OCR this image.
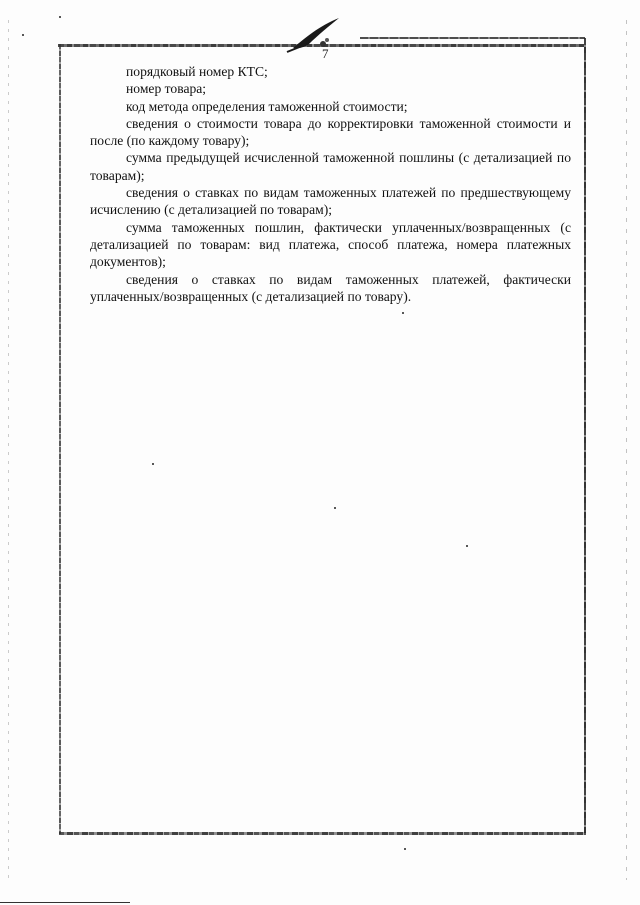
7

порядковый номер КТС;

номер товара;

код метода определения таможенной стоимости;

сведения о стоимости товара до корректировки таможенной стоимости и после (по каждому товару);

сумма предыдущей исчисленной таможенной пошлины (с детализацией по товарам);

сведения о ставках по видам таможенных платежей по предшествующему исчислению (с детализацией по товарам);

сумма таможенных пошлин, фактически уплаченных/возвращенных (с детализацией по товарам: вид платежа, способ платежа, номера платежных документов);

сведения о ставках по видам таможенных платежей, фактически уплаченных/возвращенных (с детализацией по товару).
